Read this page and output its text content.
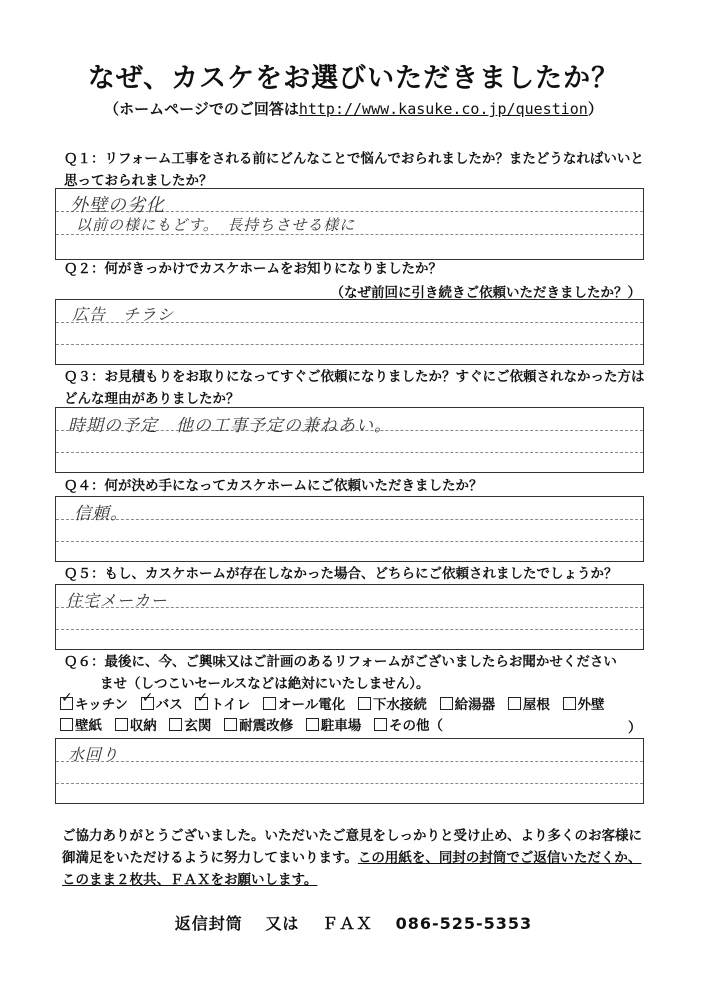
なぜ、カスケをお選びいただきましたか？
（ホームページでのご回答はhttp://www.kasuke.co.jp/question）
Ｑ１：リフォーム工事をされる前にどんなことで悩んでおられましたか？またどうなればいいと思っておられましたか？
外壁の劣化
以前の様にもどす。　長持ちさせる様に
Ｑ２：何がきっかけでカスケホームをお知りになりましたか？
（なぜ前回に引き続きご依頼いただきましたか？）
広告　チラシ
Ｑ３：お見積もりをお取りになってすぐご依頼になりましたか？すぐにご依頼されなかった方はどんな理由がありましたか？
時期の予定　他の工事予定の兼ねあい。
Ｑ４：何が決め手になってカスケホームにご依頼いただきましたか？
信頼。
Ｑ５：もし、カスケホームが存在しなかった場合、どちらにご依頼されましたでしょうか？
住宅メーカー
Ｑ６：最後に、今、ご興味又はご計画のあるリフォームがございましたらお聞かせください
ませ（しつこいセールスなどは絶対にいたしません）。
✓ キッチン ✓ バス ✓ トイレ オール電化 下水接続 給湯器 屋根 外壁
壁紙 収納 玄関 耐震改修 駐車場 その他（	）
水回り
ご協力ありがとうございました。いただいたご意見をしっかりと受け止め、より多くのお客様に御満足をいただけるように努力してまいります。この用紙を、同封の封筒でご返信いただくか、このまま２枚共、ＦＡＸをお願いします。
返信封筒 又は ＦＡＸ 086-525-5353
